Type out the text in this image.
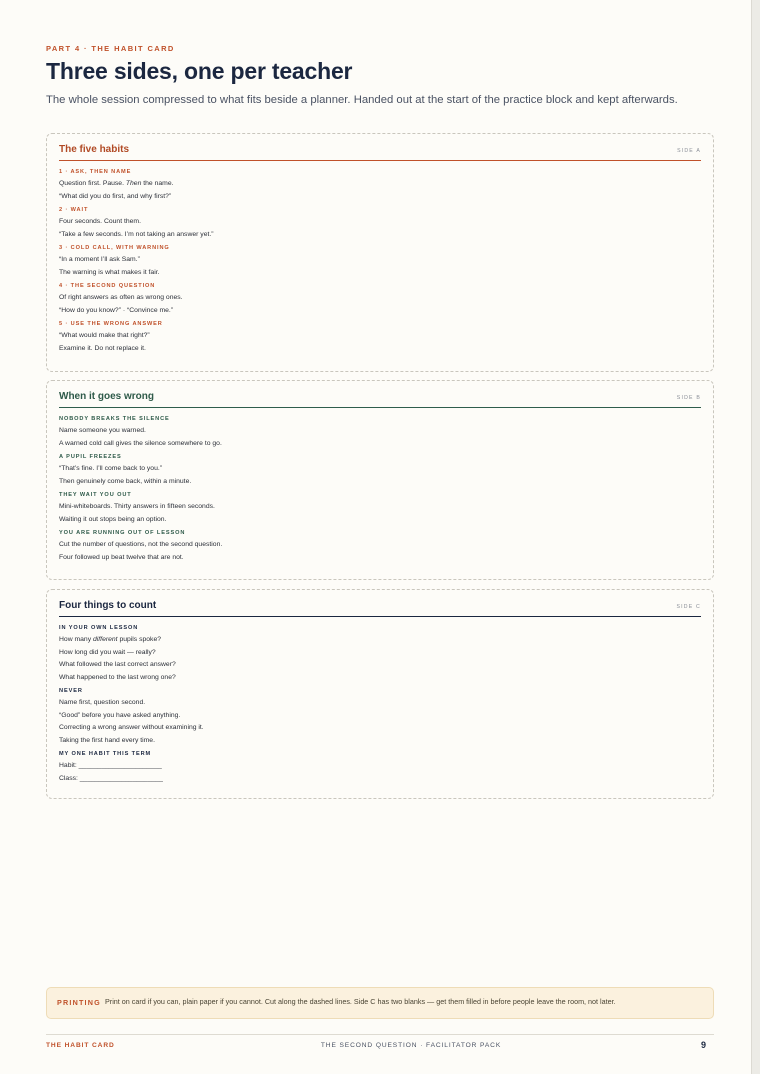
PART 4 · THE HABIT CARD
Three sides, one per teacher

The whole session compressed to what fits beside a planner. Handed out at the start of the practice block and kept afterwards.

The five habits	SIDE A
1 · ASK, THEN NAME
Question first. Pause. Then the name.
“What did you do first, and why first?”
2 · WAIT
Four seconds. Count them.
“Take a few seconds. I’m not taking an answer yet.”
3 · COLD CALL, WITH WARNING
“In a moment I’ll ask Sam.”
The warning is what makes it fair.
4 · THE SECOND QUESTION
Of right answers as often as wrong ones.
“How do you know?” · “Convince me.”
5 · USE THE WRONG ANSWER
“What would make that right?”
Examine it. Do not replace it.
When it goes wrong	SIDE B
NOBODY BREAKS THE SILENCE
Name someone you warned.
A warned cold call gives the silence somewhere to go.
A PUPIL FREEZES
“That’s fine. I’ll come back to you.”
Then genuinely come back, within a minute.
THEY WAIT YOU OUT
Mini-whiteboards. Thirty answers in fifteen seconds.
Waiting it out stops being an option.
YOU ARE RUNNING OUT OF LESSON
Cut the number of questions, not the second question.
Four followed up beat twelve that are not.
Four things to count	SIDE C
IN YOUR OWN LESSON
How many different pupils spoke?
How long did you wait — really?
What followed the last correct answer?
What happened to the last wrong one?
NEVER
Name first, question second.
“Good” before you have asked anything.
Correcting a wrong answer without examining it.
Taking the first hand every time.
MY ONE HABIT THIS TERM
Habit: ______________________
Class: ______________________
PRINTING Print on card if you can, plain paper if you cannot. Cut along the dashed lines. Side C has two blanks — get them filled in before people leave the room, not later.
THE HABIT CARD	THE SECOND QUESTION · FACILITATOR PACK	9
